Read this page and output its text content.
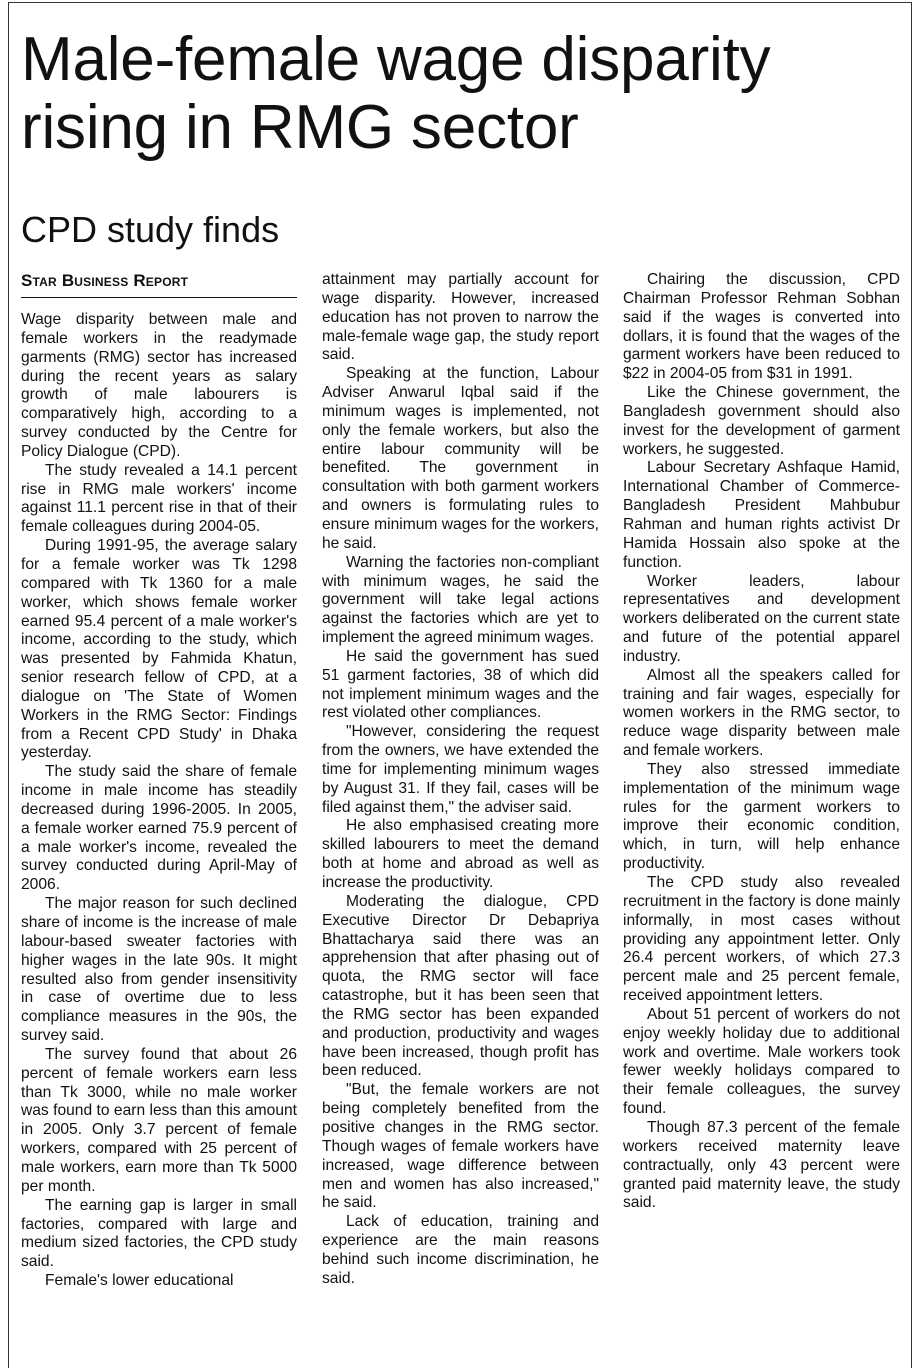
Male-female wage disparity rising in RMG sector
CPD study finds
Star Business Report

Wage disparity between male and female workers in the readymade garments (RMG) sector has increased during the recent years as salary growth of male labourers is comparatively high, according to a survey conducted by the Centre for Policy Dialogue (CPD).

The study revealed a 14.1 percent rise in RMG male workers' income against 11.1 percent rise in that of their female colleagues during 2004-05.

During 1991-95, the average salary for a female worker was Tk 1298 compared with Tk 1360 for a male worker, which shows female worker earned 95.4 percent of a male worker's income, according to the study, which was presented by Fahmida Khatun, senior research fellow of CPD, at a dialogue on 'The State of Women Workers in the RMG Sector: Findings from a Recent CPD Study' in Dhaka yesterday.

The study said the share of female income in male income has steadily decreased during 1996-2005. In 2005, a female worker earned 75.9 percent of a male worker's income, revealed the survey conducted during April-May of 2006.

The major reason for such declined share of income is the increase of male labour-based sweater factories with higher wages in the late 90s. It might resulted also from gender insensitivity in case of overtime due to less compliance measures in the 90s, the survey said.

The survey found that about 26 percent of female workers earn less than Tk 3000, while no male worker was found to earn less than this amount in 2005. Only 3.7 percent of female workers, compared with 25 percent of male workers, earn more than Tk 5000 per month.

The earning gap is larger in small factories, compared with large and medium sized factories, the CPD study said.

Female's lower educational

attainment may partially account for wage disparity. However, increased education has not proven to narrow the male-female wage gap, the study report said.

Speaking at the function, Labour Adviser Anwarul Iqbal said if the minimum wages is implemented, not only the female workers, but also the entire labour community will be benefited. The government in consultation with both garment workers and owners is formulating rules to ensure minimum wages for the workers, he said.

Warning the factories non-compliant with minimum wages, he said the government will take legal actions against the factories which are yet to implement the agreed minimum wages.

He said the government has sued 51 garment factories, 38 of which did not implement minimum wages and the rest violated other compliances.

"However, considering the request from the owners, we have extended the time for implementing minimum wages by August 31. If they fail, cases will be filed against them," the adviser said.

He also emphasised creating more skilled labourers to meet the demand both at home and abroad as well as increase the productivity.

Moderating the dialogue, CPD Executive Director Dr Debapriya Bhattacharya said there was an apprehension that after phasing out of quota, the RMG sector will face catastrophe, but it has been seen that the RMG sector has been expanded and production, productivity and wages have been increased, though profit has been reduced.

"But, the female workers are not being completely benefited from the positive changes in the RMG sector. Though wages of female workers have increased, wage difference between men and women has also increased," he said.

Lack of education, training and experience are the main reasons behind such income discrimination, he said.

Chairing the discussion, CPD Chairman Professor Rehman Sobhan said if the wages is converted into dollars, it is found that the wages of the garment workers have been reduced to $22 in 2004-05 from $31 in 1991.

Like the Chinese government, the Bangladesh government should also invest for the development of garment workers, he suggested.

Labour Secretary Ashfaque Hamid, International Chamber of Commerce-Bangladesh President Mahbubur Rahman and human rights activist Dr Hamida Hossain also spoke at the function.

Worker leaders, labour representatives and development workers deliberated on the current state and future of the potential apparel industry.

Almost all the speakers called for training and fair wages, especially for women workers in the RMG sector, to reduce wage disparity between male and female workers.

They also stressed immediate implementation of the minimum wage rules for the garment workers to improve their economic condition, which, in turn, will help enhance productivity.

The CPD study also revealed recruitment in the factory is done mainly informally, in most cases without providing any appointment letter. Only 26.4 percent workers, of which 27.3 percent male and 25 percent female, received appointment letters.

About 51 percent of workers do not enjoy weekly holiday due to additional work and overtime. Male workers took fewer weekly holidays compared to their female colleagues, the survey found.

Though 87.3 percent of the female workers received maternity leave contractually, only 43 percent were granted paid maternity leave, the study said.
